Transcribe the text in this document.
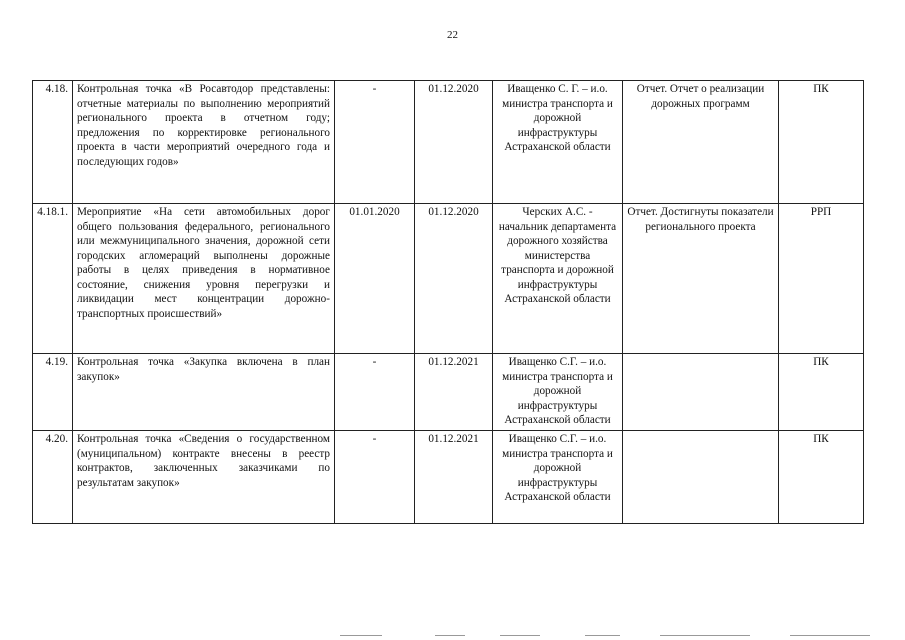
22
4.18.	Контрольная точка «В Росавтодор представлены: отчетные материалы по выполнению мероприятий регионального проекта в отчетном году; предложения по корректировке регионального проекта в части мероприятий очередного года и последующих годов»	-	01.12.2020	Иващенко С. Г. – и.о. министра транспорта и дорожной инфраструктуры Астраханской области	Отчет. Отчет о реализации дорожных программ	ПК
4.18.1.	Мероприятие «На сети автомобильных дорог общего пользования федерального, регионального или межмуниципального значения, дорожной сети городских агломераций выполнены дорожные работы в целях приведения в нормативное состояние, снижения уровня перегрузки и ликвидации мест концентрации дорожно-транспортных происшествий»	01.01.2020	01.12.2020	Черских А.С. - начальник департамента дорожного хозяйства министерства транспорта и дорожной инфраструктуры Астраханской области	Отчет. Достигнуты показатели регионального проекта	РРП
4.19.	Контрольная точка «Закупка включена в план закупок»	-	01.12.2021	Иващенко С.Г. – и.о. министра транспорта и дорожной инфраструктуры Астраханской области		ПК
4.20.	Контрольная точка «Сведения о государственном (муниципальном) контракте внесены в реестр контрактов, заключенных заказчиками по результатам закупок»	-	01.12.2021	Иващенко С.Г. – и.о. министра транспорта и дорожной инфраструктуры Астраханской области		ПК
